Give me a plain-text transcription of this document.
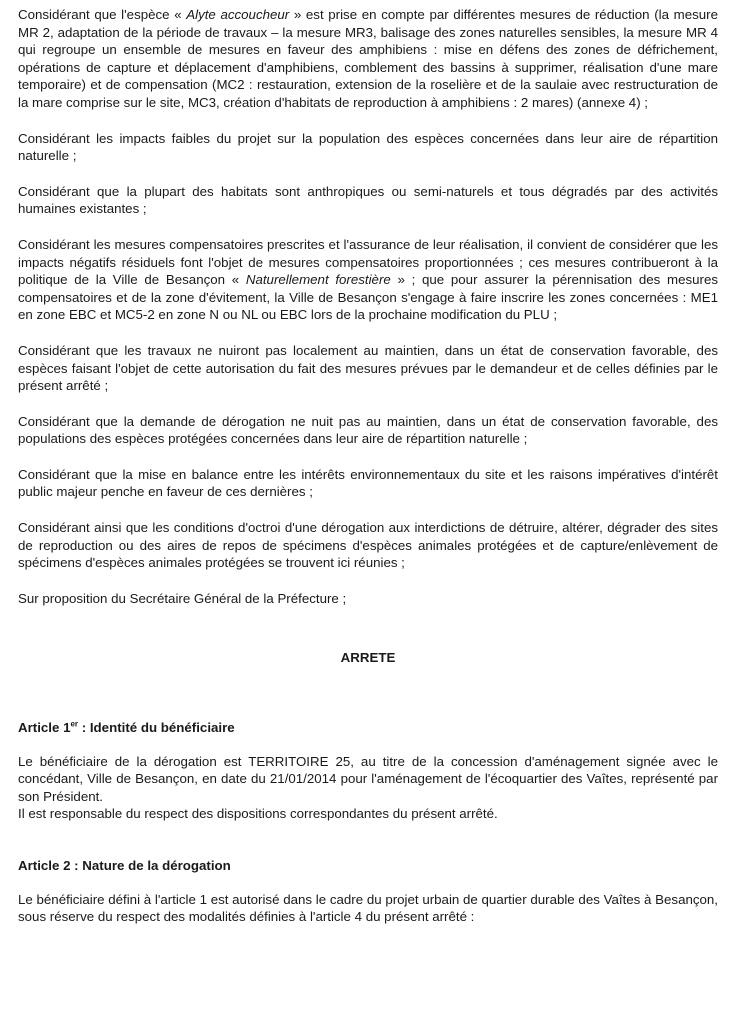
Considérant que l'espèce « Alyte accoucheur » est prise en compte par différentes mesures de réduction (la mesure MR 2, adaptation de la période de travaux – la mesure MR3, balisage des zones naturelles sensibles, la mesure MR 4 qui regroupe un ensemble de mesures en faveur des amphibiens : mise en défens des zones de défrichement, opérations de capture et déplacement d'amphibiens, comblement des bassins à supprimer, réalisation d'une mare temporaire) et de compensation (MC2 : restauration, extension de la roselière et de la saulaie avec restructuration de la mare comprise sur le site, MC3, création d'habitats de reproduction à amphibiens : 2 mares) (annexe 4) ;

Considérant les impacts faibles du projet sur la population des espèces concernées dans leur aire de répartition naturelle ;

Considérant que la plupart des habitats sont anthropiques ou semi-naturels et tous dégradés par des activités humaines existantes ;

Considérant les mesures compensatoires prescrites et l'assurance de leur réalisation, il convient de considérer que les impacts négatifs résiduels font l'objet de mesures compensatoires proportionnées ; ces mesures contribueront à la politique de la Ville de Besançon « Naturellement forestière » ; que pour assurer la pérennisation des mesures compensatoires et de la zone d'évitement, la Ville de Besançon s'engage à faire inscrire les zones concernées : ME1 en zone EBC et MC5-2 en zone N ou NL ou EBC lors de la prochaine modification du PLU ;

Considérant que les travaux ne nuiront pas localement au maintien, dans un état de conservation favorable, des espèces faisant l'objet de cette autorisation du fait des mesures prévues par le demandeur et de celles définies par le présent arrêté ;

Considérant que la demande de dérogation ne nuit pas au maintien, dans un état de conservation favorable, des populations des espèces protégées concernées dans leur aire de répartition naturelle ;

Considérant que la mise en balance entre les intérêts environnementaux du site et les raisons impératives d'intérêt public majeur penche en faveur de ces dernières ;

Considérant ainsi que les conditions d'octroi d'une dérogation aux interdictions de détruire, altérer, dégrader des sites de reproduction ou des aires de repos de spécimens d'espèces animales protégées et de capture/enlèvement de spécimens d'espèces animales protégées se trouvent ici réunies ;

Sur proposition du Secrétaire Général de la Préfecture ;

ARRETE

Article 1er : Identité du bénéficiaire

Le bénéficiaire de la dérogation est TERRITOIRE 25, au titre de la concession d'aménagement signée avec le concédant, Ville de Besançon, en date du 21/01/2014 pour l'aménagement de l'écoquartier des Vaîtes, représenté par son Président.

Il est responsable du respect des dispositions correspondantes du présent arrêté.

Article 2 : Nature de la dérogation

Le bénéficiaire défini à l'article 1 est autorisé dans le cadre du projet urbain de quartier durable des Vaîtes à Besançon, sous réserve du respect des modalités définies à l'article 4 du présent arrêté :
